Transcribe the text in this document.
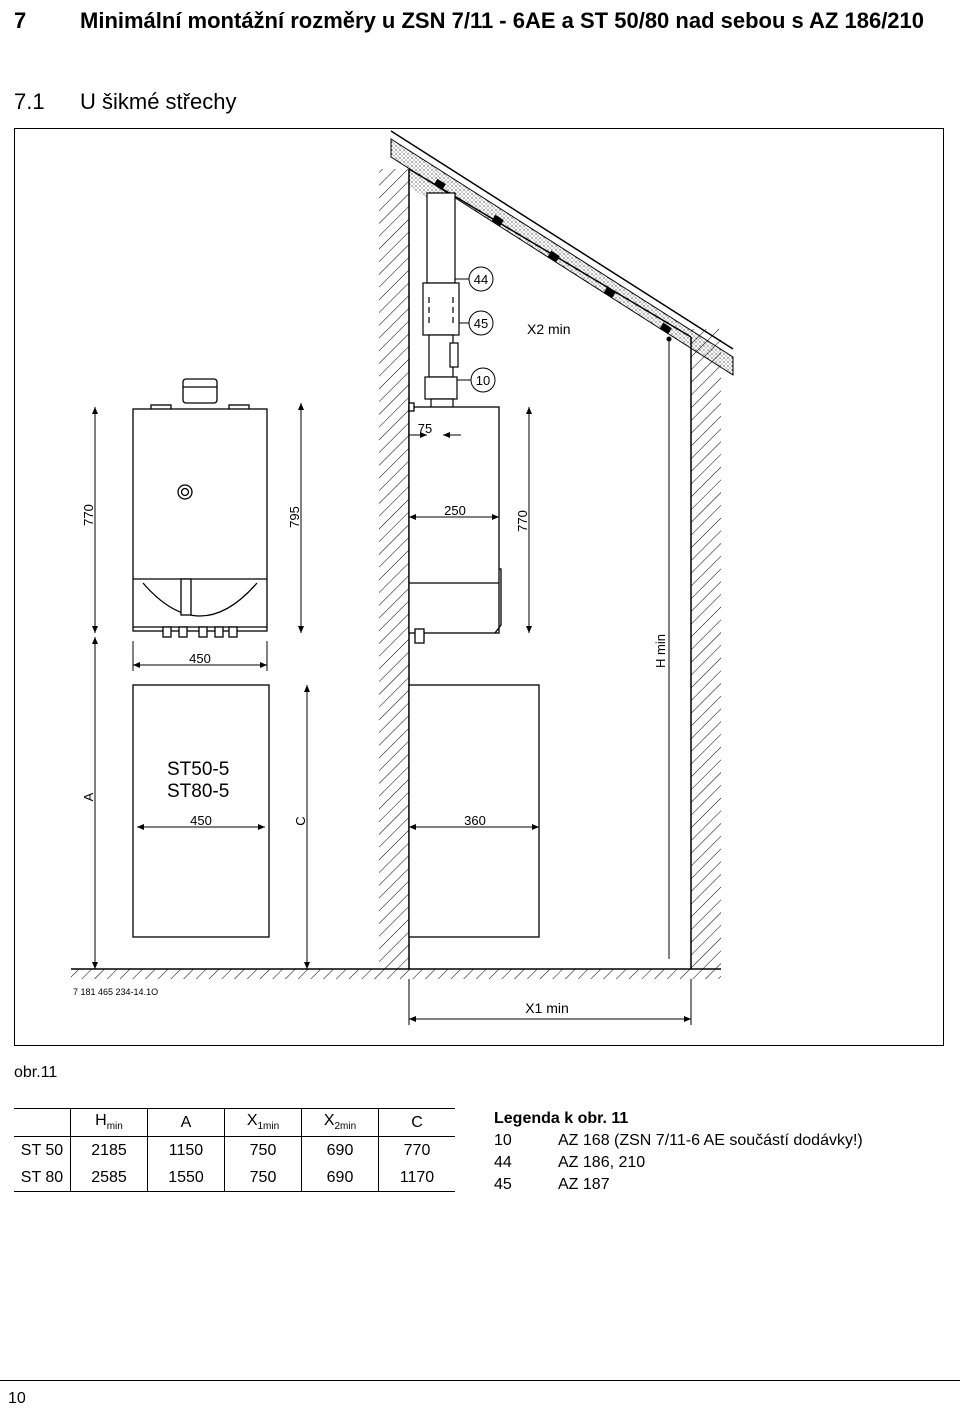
7 Minimální montážní rozměry u ZSN 7/11 - 6AE a ST 50/80 nad sebou s AZ 186/210
7.1 U šikmé střechy
44
45
10
X2 min
75
250	770
770	795
450	H min
ST50-5
ST80-5
450	360
A
C
7 181 465 234-14.1O
X1 min
obr.11
	$H_{min}$	A	$X_{1min}$	$X_{2min}$	C
ST 50	2185	1150	750	690	770
ST 80	2585	1550	750	690	1170
Legenda k obr. 11
10	AZ 168 (ZSN 7/11-6 AE součástí dodávky!)
44	AZ 186, 210
45	AZ 187
10
